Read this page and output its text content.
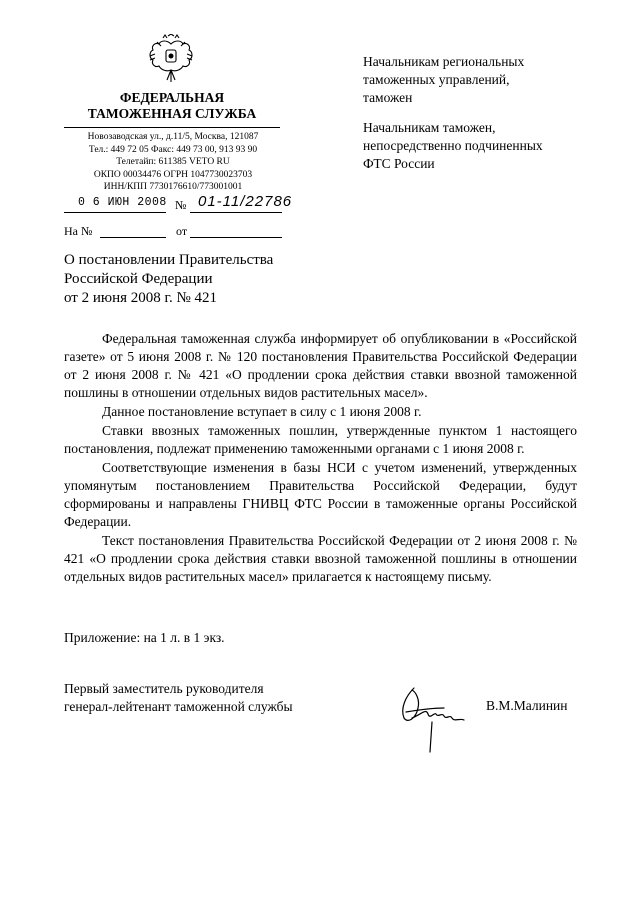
ФЕДЕРАЛЬНАЯ
ТАМОЖЕННАЯ СЛУЖБА
Новозаводская ул., д.11/5, Москва, 121087
Тел.: 449 72 05 Факс: 449 73 00, 913 93 90
Телетайп: 611385 VETO RU
ОКПО 00034476 ОГРН 1047730023703
ИНН/КПП 7730176610/773001001
0 6 ИЮН 2008 № 01-11/22786
На №	от
Начальникам региональных
таможенных управлений,
таможен
Начальникам таможен,
непосредственно подчиненных
ФТС России
О постановлении Правительства
Российской Федерации
от 2 июня 2008 г. № 421

Федеральная таможенная служба информирует об опубликовании в «Российской газете» от 5 июня 2008 г. № 120 постановления Правительства Российской Федерации от 2 июня 2008 г. № 421 «О продлении срока действия ставки ввозной таможенной пошлины в отношении отдельных видов растительных масел».

Данное постановление вступает в силу с 1 июня 2008 г.

Ставки ввозных таможенных пошлин, утвержденные пунктом 1 настоящего постановления, подлежат применению таможенными органами с 1 июня 2008 г.

Соответствующие изменения в базы НСИ с учетом изменений, утвержденных упомянутым постановлением Правительства Российской Федерации, будут сформированы и направлены ГНИВЦ ФТС России в таможенные органы Российской Федерации.

Текст постановления Правительства Российской Федерации от 2 июня 2008 г. № 421 «О продлении срока действия ставки ввозной таможенной пошлины в отношении отдельных видов растительных масел» прилагается к настоящему письму.

Приложение: на 1 л. в 1 экз.
Первый заместитель руководителя
генерал-лейтенант таможенной службы	В.М.Малинин
